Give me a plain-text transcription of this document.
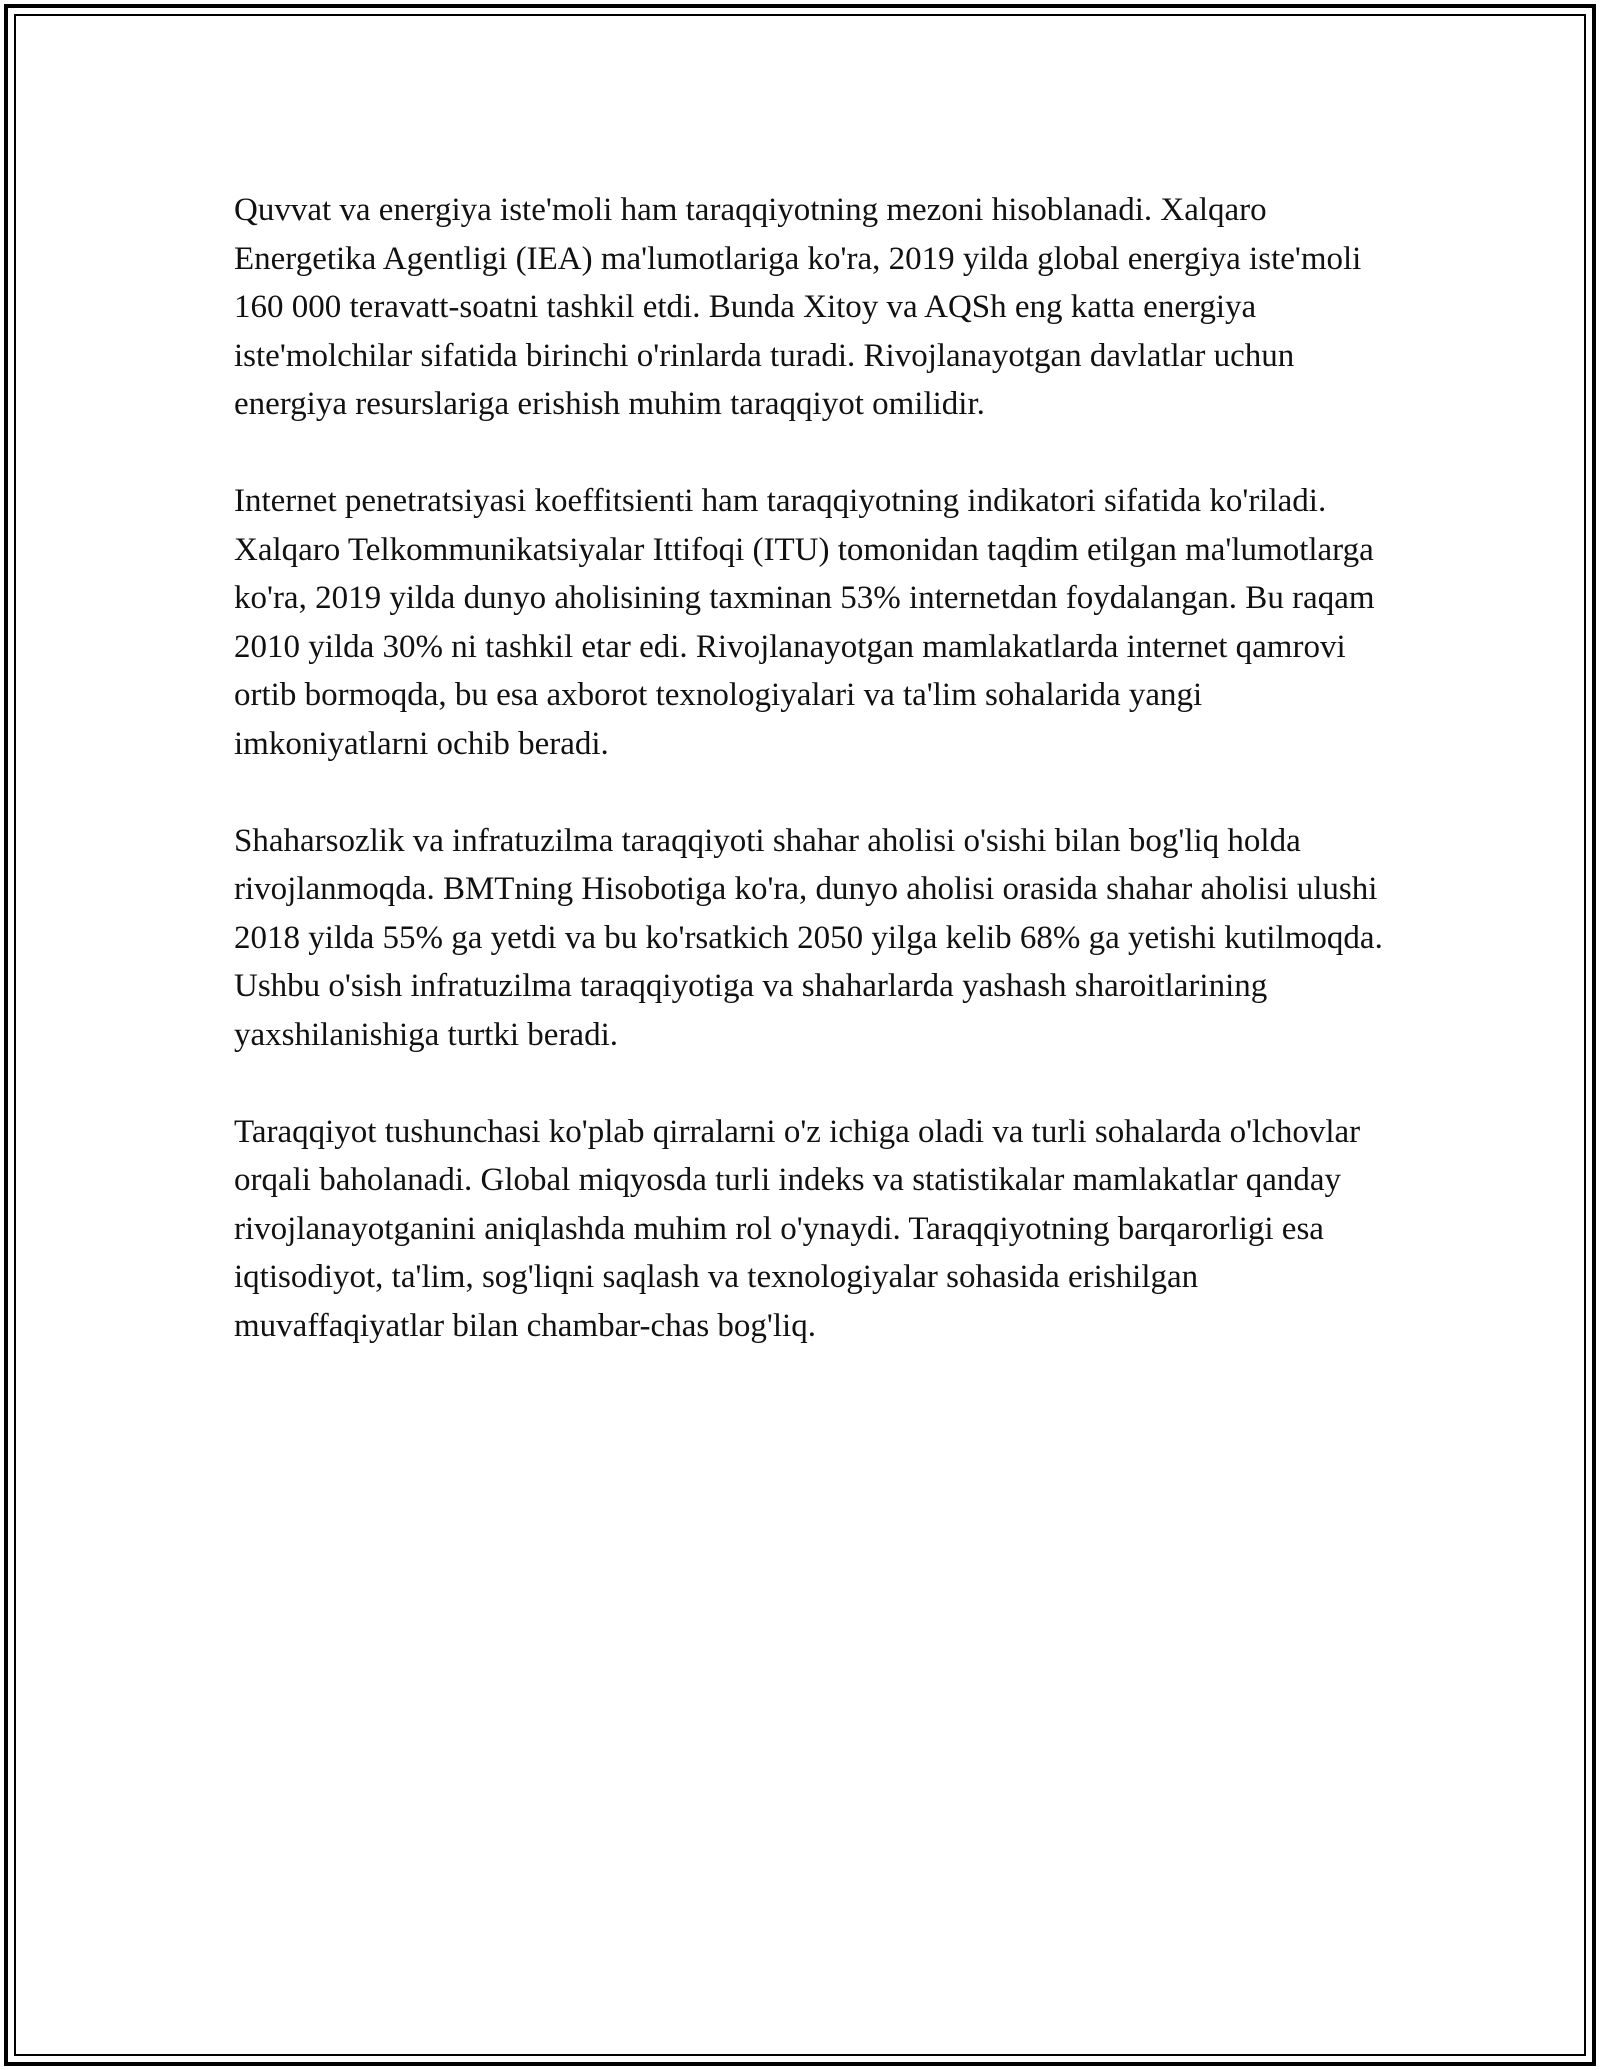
Quvvat va energiya iste'moli ham taraqqiyotning mezoni hisoblanadi. Xalqaro Energetika Agentligi (IEA) ma'lumotlariga ko'ra, 2019 yilda global energiya iste'moli 160 000 teravatt-soatni tashkil etdi. Bunda Xitoy va AQSh eng katta energiya iste'molchilar sifatida birinchi o'rinlarda turadi. Rivojlanayotgan davlatlar uchun energiya resurslariga erishish muhim taraqqiyot omilidir.

Internet penetratsiyasi koeffitsienti ham taraqqiyotning indikatori sifatida ko'riladi. Xalqaro Telkommunikatsiyalar Ittifoqi (ITU) tomonidan taqdim etilgan ma'lumotlarga ko'ra, 2019 yilda dunyo aholisining taxminan 53% internetdan foydalangan. Bu raqam 2010 yilda 30% ni tashkil etar edi. Rivojlanayotgan mamlakatlarda internet qamrovi ortib bormoqda, bu esa axborot texnologiyalari va ta'lim sohalarida yangi imkoniyatlarni ochib beradi.

Shaharsozlik va infratuzilma taraqqiyoti shahar aholisi o'sishi bilan bog'liq holda rivojlanmoqda. BMTning Hisobotiga ko'ra, dunyo aholisi orasida shahar aholisi ulushi 2018 yilda 55% ga yetdi va bu ko'rsatkich 2050 yilga kelib 68% ga yetishi kutilmoqda. Ushbu o'sish infratuzilma taraqqiyotiga va shaharlarda yashash sharoitlarining yaxshilanishiga turtki beradi.

Taraqqiyot tushunchasi ko'plab qirralarni o'z ichiga oladi va turli sohalarda o'lchovlar orqali baholanadi. Global miqyosda turli indeks va statistikalar mamlakatlar qanday rivojlanayotganini aniqlashda muhim rol o'ynaydi. Taraqqiyotning barqarorligi esa iqtisodiyot, ta'lim, sog'liqni saqlash va texnologiyalar sohasida erishilgan muvaffaqiyatlar bilan chambar-chas bog'liq.
